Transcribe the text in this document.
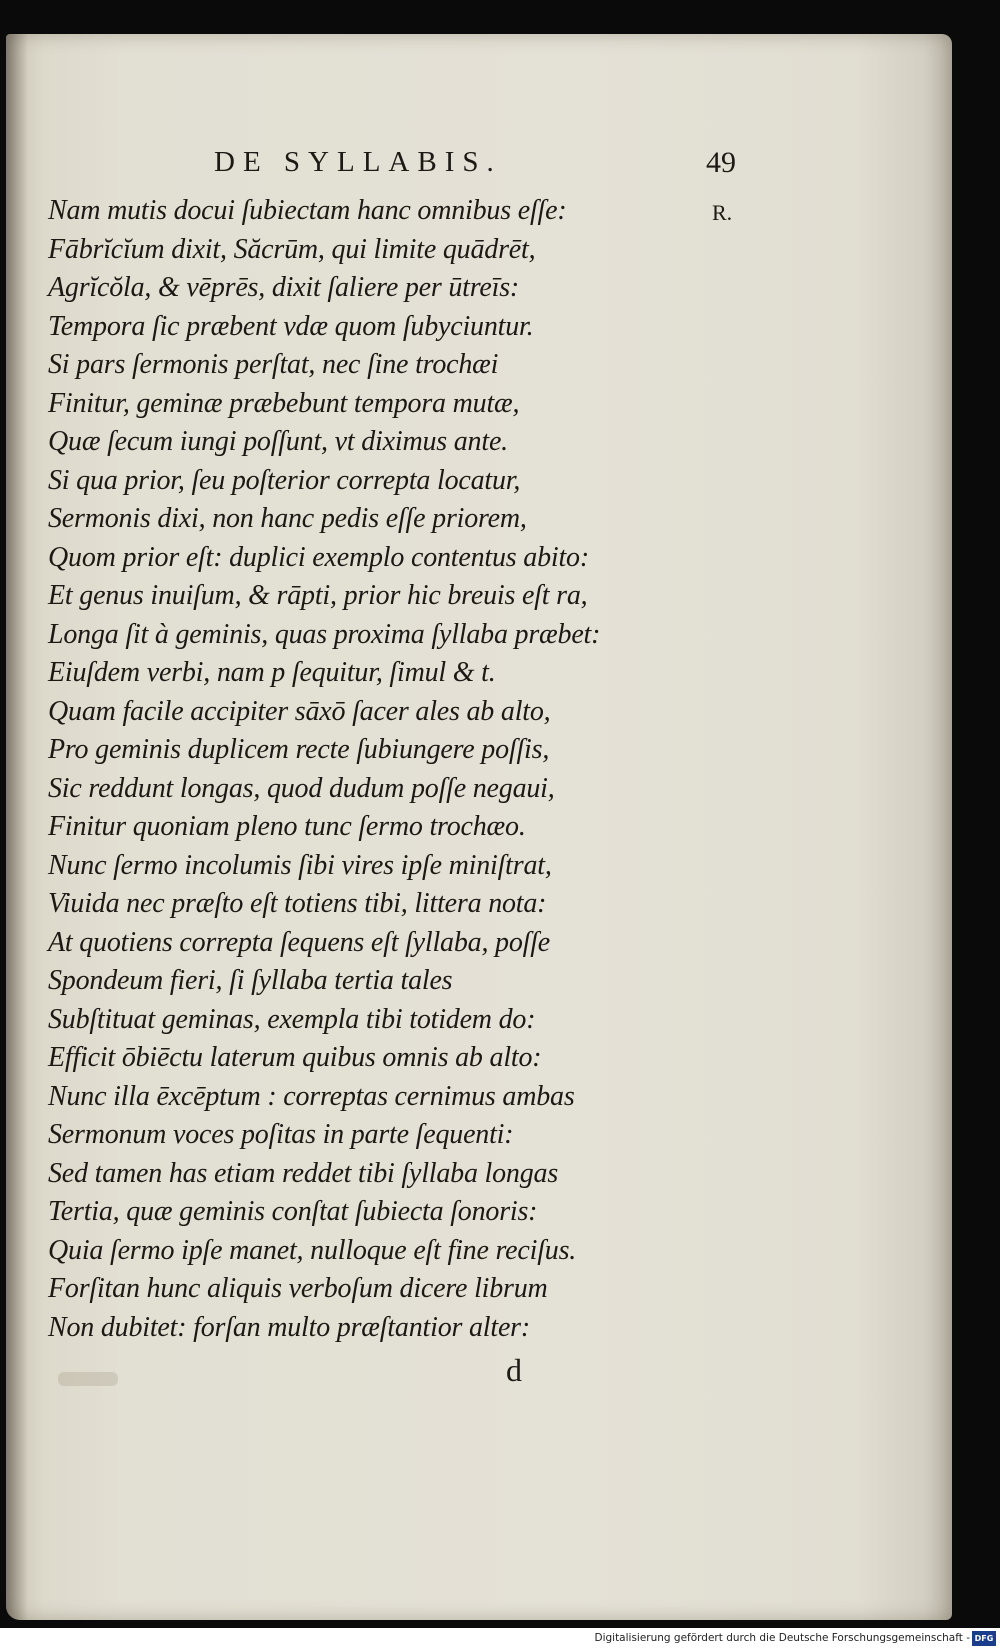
DE SYLLABIS.	49
R.
Nam mutis docui ſubiectam hanc omnibus eſſe:
Fābrĭcĭum dixit, Săcrūm, qui limite quādrēt,
Agrĭcŏla, & vēprēs, dixit ſaliere per ūtreīs:
Tempora ſic præbent vdæ quom ſubyciuntur.
Si pars ſermonis perſtat, nec ſine trochæi
Finitur, geminæ præbebunt tempora mutæ,
Quæ ſecum iungi poſſunt, vt diximus ante.
Si qua prior, ſeu poſterior correpta locatur,
Sermonis dixi, non hanc pedis eſſe priorem,
Quom prior eſt: duplici exemplo contentus abito:
Et genus inuiſum, & rāpti, prior hic breuis eſt ra,
Longa ſit à geminis, quas proxima ſyllaba præbet:
Eiuſdem verbi, nam p ſequitur, ſimul & t.
Quam facile accipiter sāxō ſacer ales ab alto,
Pro geminis duplicem recte ſubiungere poſſis,
Sic reddunt longas, quod dudum poſſe negaui,
Finitur quoniam pleno tunc ſermo trochæo.
Nunc ſermo incolumis ſibi vires ipſe miniſtrat,
Viuida nec præſto eſt totiens tibi, littera nota:
At quotiens correpta ſequens eſt ſyllaba, poſſe
Spondeum fieri, ſi ſyllaba tertia tales
Subſtituat geminas, exempla tibi totidem do:
Efficit ōbiēctu laterum quibus omnis ab alto:
Nunc illa ēxcēptum : correptas cernimus ambas
Sermonum voces poſitas in parte ſequenti:
Sed tamen has etiam reddet tibi ſyllaba longas
Tertia, quæ geminis conſtat ſubiecta ſonoris:
Quia ſermo ipſe manet, nulloque eſt fine reciſus.
Forſitan hunc aliquis verboſum dicere librum
Non dubitet: forſan multo præſtantior alter:
d
Digitalisierung gefördert durch die Deutsche Forschungsgemeinschaft - DFG
